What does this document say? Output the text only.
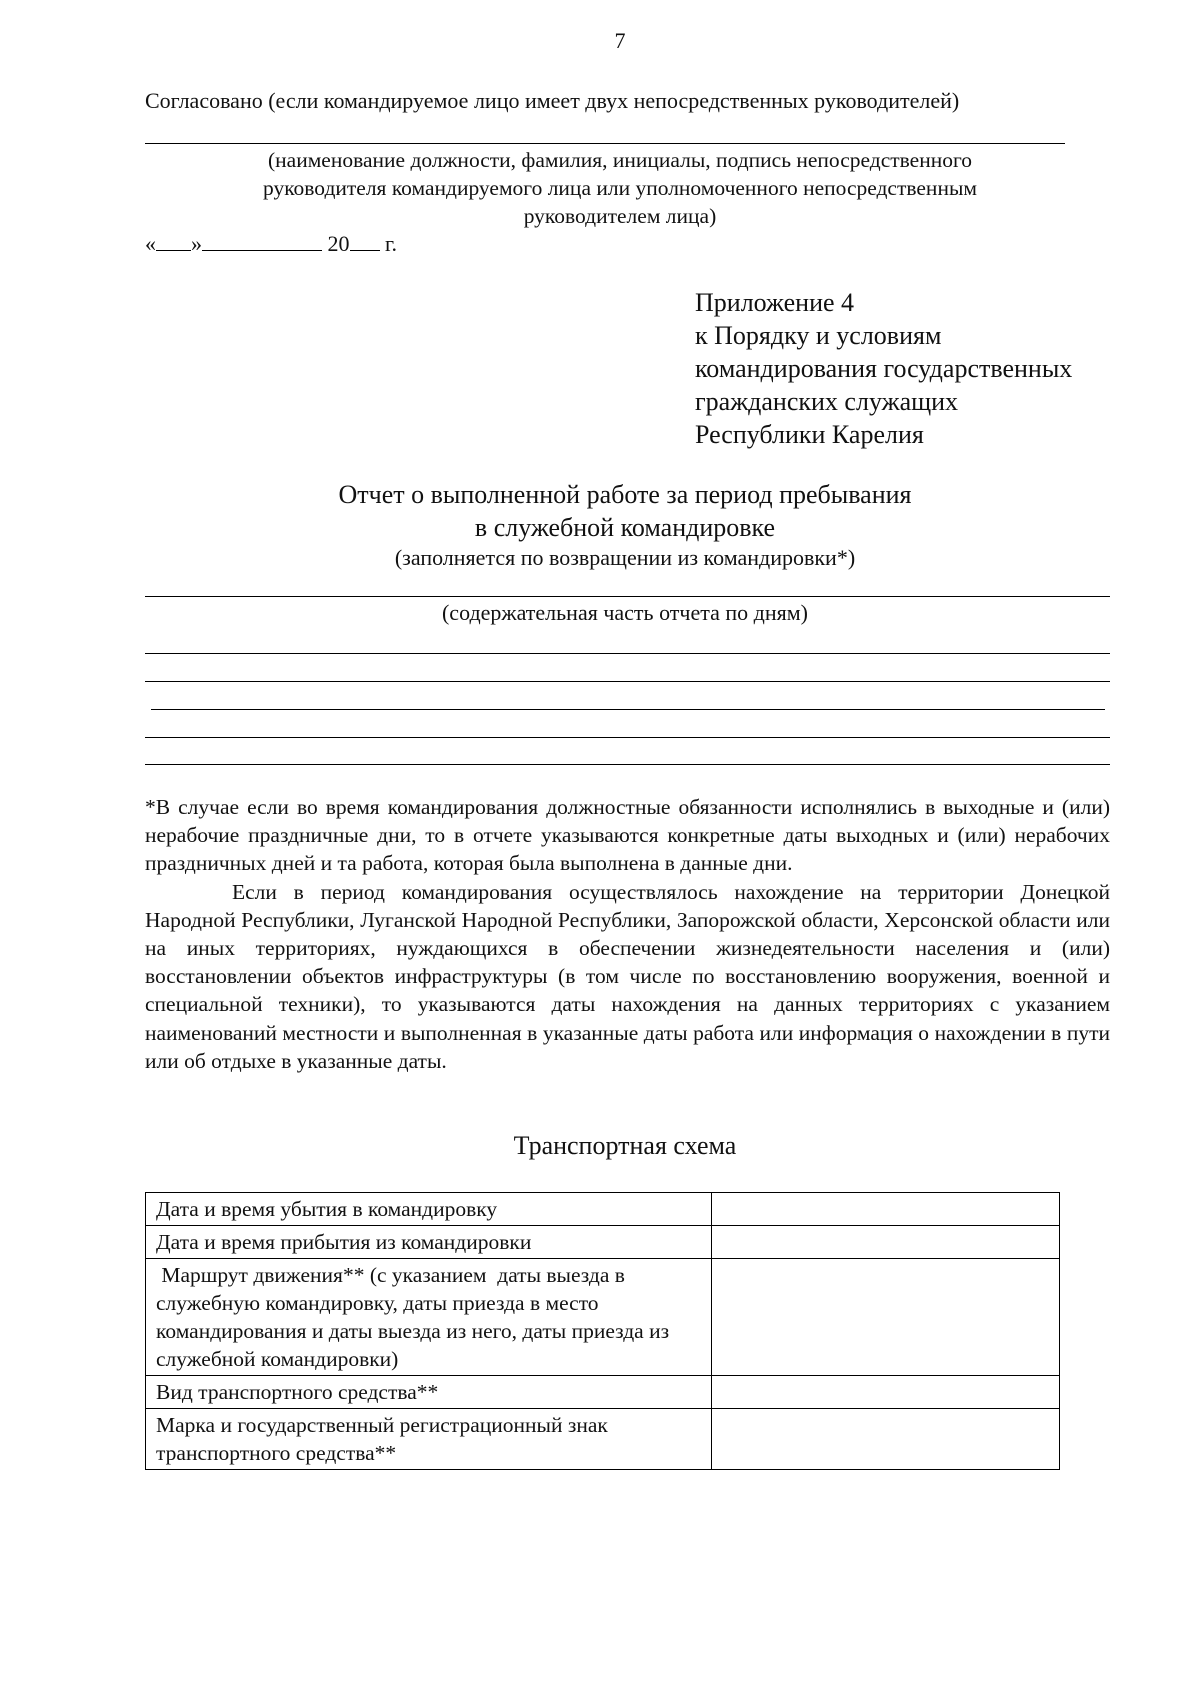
7
Согласовано (если командируемое лицо имеет двух непосредственных руководителей)
(наименование должности, фамилия, инициалы, подпись непосредственного
руководителя командируемого лица или уполномоченного непосредственным
руководителем лица)
« »	20 г.
Приложение 4
к Порядку и условиям
командирования государственных
гражданских служащих
Республики Карелия
Отчет о выполненной работе за период пребывания
в служебной командировке
(заполняется по возвращении из командировки*)
(содержательная часть отчета по дням)

*В случае если во время командирования должностные обязанности исполнялись в выходные и (или) нерабочие праздничные дни, то в отчете указываются конкретные даты выходных и (или) нерабочих праздничных дней и та работа, которая была выполнена в данные дни.

Если в период командирования осуществлялось нахождение на территории Донецкой Народной Республики, Луганской Народной Республики, Запорожской области, Херсонской области или на иных территориях, нуждающихся в обеспечении жизнедеятельности населения и (или) восстановлении объектов инфраструктуры (в том числе по восстановлению вооружения, военной и специальной техники), то указываются даты нахождения на данных территориях с указанием наименований местности и выполненная в указанные даты работа или информация о нахождении в пути или об отдыхе в указанные даты.

Транспортная схема
Дата и время убытия в командировку	
Дата и время прибытия из командировки	
Маршрут движения** (с указанием  даты выезда в служебную командировку, даты приезда в место командирования и даты выезда из него, даты приезда из служебной командировки)	
Вид транспортного средства**	
Марка и государственный регистрационный знак транспортного средства**	
